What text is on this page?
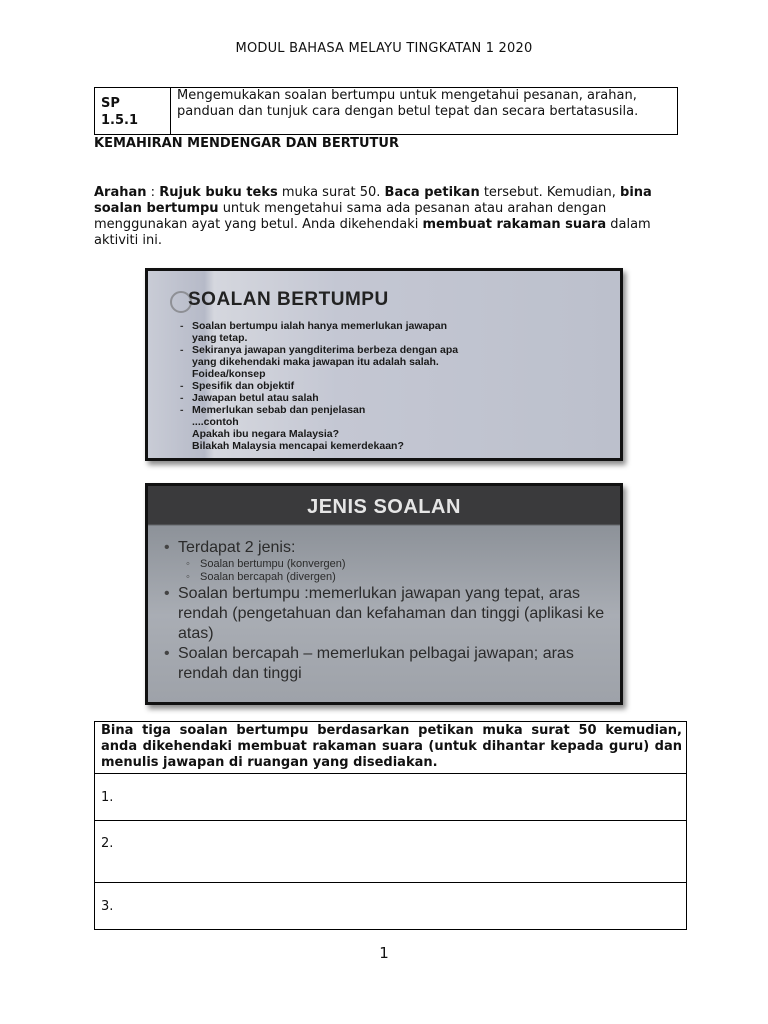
MODUL BAHASA MELAYU TINGKATAN 1 2020
SP
1.5.1
Mengemukakan soalan bertumpu untuk mengetahui pesanan, arahan, panduan dan tunjuk cara dengan betul tepat dan secara bertatasusila.
KEMAHIRAN MENDENGAR DAN BERTUTUR
Arahan : Rujuk buku teks muka surat 50. Baca petikan tersebut. Kemudian, bina soalan bertumpu untuk mengetahui sama ada pesanan atau arahan dengan menggunakan ayat yang betul. Anda dikehendaki membuat rakaman suara dalam aktiviti ini.
SOALAN BERTUMPU
- Soalan bertumpu ialah hanya memerlukan jawapan
yang tetap.
- Sekiranya jawapan yangditerima berbeza dengan apa
yang dikehendaki maka jawapan itu adalah salah.
Foidea/konsep
- Spesifik dan objektif
- Jawapan betul atau salah
- Memerlukan sebab dan penjelasan
....contoh
Apakah ibu negara Malaysia?
Bilakah Malaysia mencapai kemerdekaan?
JENIS SOALAN
• Terdapat 2 jenis:
◦ Soalan bertumpu (konvergen)
◦ Soalan bercapah (divergen)
• Soalan bertumpu :memerlukan jawapan yang tepat, aras rendah (pengetahuan dan kefahaman dan tinggi (aplikasi ke atas)
• Soalan bercapah – memerlukan pelbagai jawapan; aras rendah dan tinggi
Bina tiga soalan bertumpu berdasarkan petikan muka surat 50 kemudian, anda dikehendaki membuat rakaman suara (untuk dihantar kepada guru) dan menulis jawapan di ruangan yang disediakan.
1.
2.
3.
1
